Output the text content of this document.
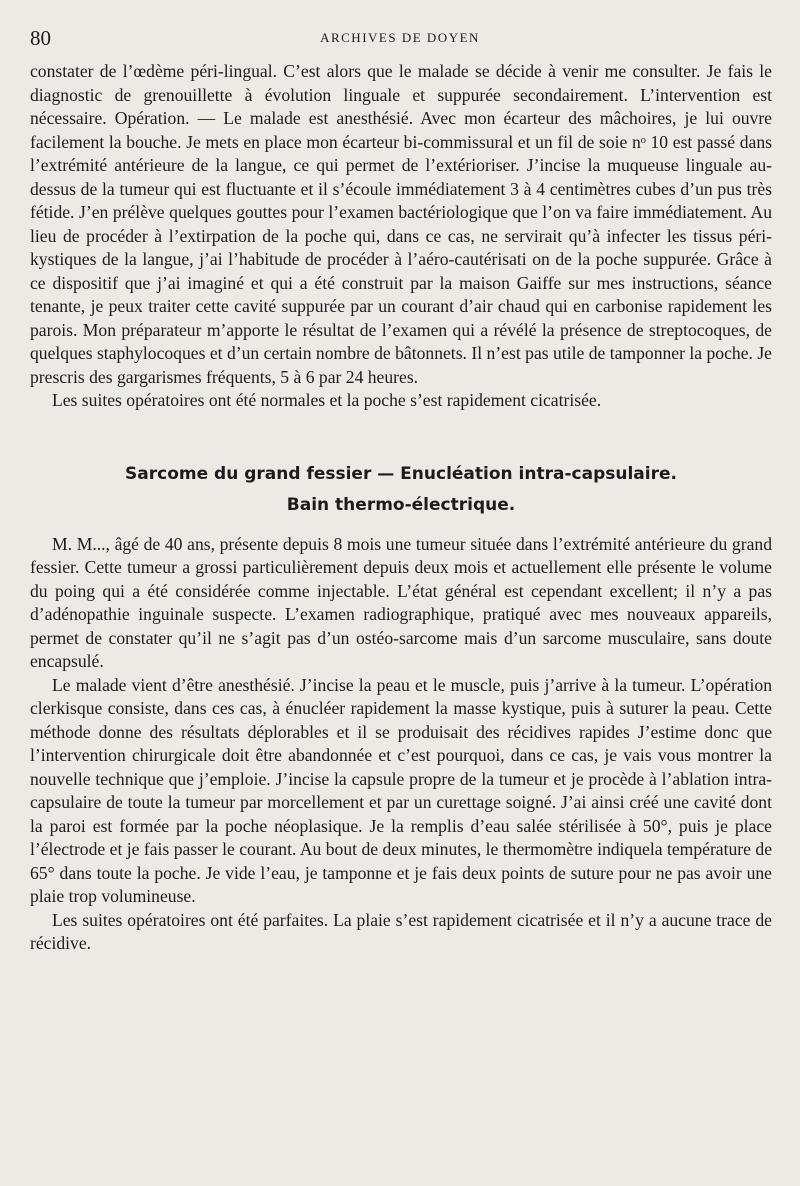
80	ARCHIVES DE DOYEN

constater de l’œdème péri-lingual. C’est alors que le malade se décide à venir me consulter. Je fais le diagnostic de grenouillette à évolution linguale et suppurée secondairement. L’intervention est nécessaire. Opération. — Le malade est anesthésié. Avec mon écarteur des mâchoires, je lui ouvre facilement la bouche. Je mets en place mon écarteur bi-commissural et un fil de soie nᵒ 10 est passé dans l’extrémité antérieure de la langue, ce qui permet de l’extérioriser. J’incise la muqueuse linguale au-dessus de la tumeur qui est fluctuante et il s’écoule immédiatement 3 à 4 centimètres cubes d’un pus très fétide. J’en prélève quelques gouttes pour l’examen bactériologique que l’on va faire immédiatement. Au lieu de procéder à l’extirpation de la poche qui, dans ce cas, ne servirait qu’à infecter les tissus péri-kystiques de la langue, j’ai l’habitude de procéder à l’aéro-cautérisati on de la poche suppurée. Grâce à ce dispositif que j’ai imaginé et qui a été construit par la maison Gaiffe sur mes instructions, séance tenante, je peux traiter cette cavité suppurée par un courant d’air chaud qui en carbonise rapidement les parois. Mon préparateur m’apporte le résultat de l’examen qui a révélé la présence de streptocoques, de quelques staphylocoques et d’un certain nombre de bâtonnets. Il n’est pas utile de tamponner la poche. Je prescris des gargarismes fréquents, 5 à 6 par 24 heures.

Les suites opératoires ont été normales et la poche s’est rapidement cicatrisée.

Sarcome du grand fessier — Enucléation intra-capsulaire.
Bain thermo-électrique.

M. M..., âgé de 40 ans, présente depuis 8 mois une tumeur située dans l’extrémité antérieure du grand fessier. Cette tumeur a grossi particulièrement depuis deux mois et actuellement elle présente le volume du poing qui a été considérée comme injectable. L’état général est cependant excellent; il n’y a pas d’adénopathie inguinale suspecte. L’examen radiographique, pratiqué avec mes nouveaux appareils, permet de constater qu’il ne s’agit pas d’un ostéo-sarcome mais d’un sarcome musculaire, sans doute encapsulé.

Le malade vient d’être anesthésié. J’incise la peau et le muscle, puis j’arrive à la tumeur. L’opération clerkisque consiste, dans ces cas, à énucléer rapidement la masse kystique, puis à suturer la peau. Cette méthode donne des résultats déplorables et il se produisait des récidives rapides J’estime donc que l’intervention chirurgicale doit être abandonnée et c’est pourquoi, dans ce cas, je vais vous montrer la nouvelle technique que j’emploie. J’incise la capsule propre de la tumeur et je procède à l’ablation intra-capsulaire de toute la tumeur par morcellement et par un curettage soigné. J’ai ainsi créé une cavité dont la paroi est formée par la poche néoplasique. Je la remplis d’eau salée stérilisée à 50°, puis je place l’électrode et je fais passer le courant. Au bout de deux minutes, le thermomètre indiquela température de 65° dans toute la poche. Je vide l’eau, je tamponne et je fais deux points de suture pour ne pas avoir une plaie trop volumineuse.

Les suites opératoires ont été parfaites. La plaie s’est rapidement cicatrisée et il n’y a aucune trace de récidive.
